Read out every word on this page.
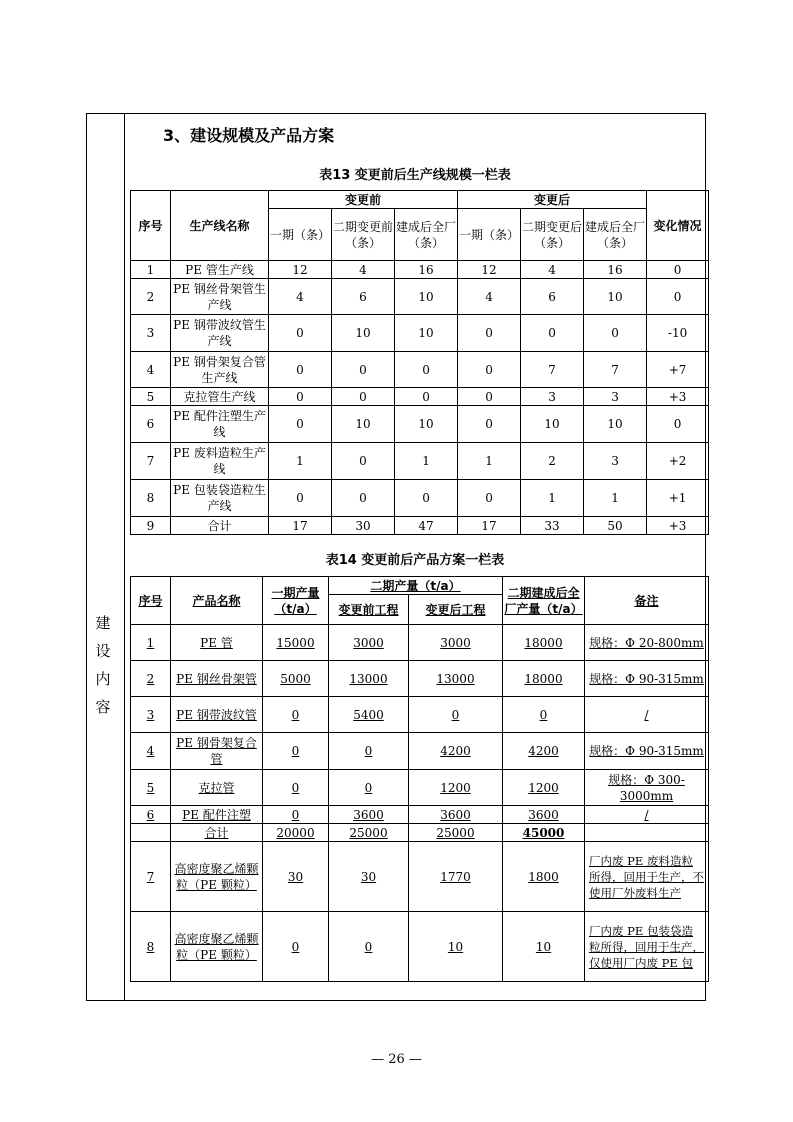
建
设
内
容
3、建设规模及产品方案
表13 变更前后生产线规模一栏表
序号	生产线名称	变更前			变更后			变化情况
		一期（条）	二期变更前（条）	建成后全厂（条）	一期（条）	二期变更后（条）	建成后全厂（条）	
1	PE 管生产线	12	4	16	12	4	16	0
2	PE 钢丝骨架管生产线	4	6	10	4	6	10	0
3	PE 钢带波纹管生产线	0	10	10	0	0	0	-10
4	PE 钢骨架复合管生产线	0	0	0	0	7	7	+7
5	克拉管生产线	0	0	0	0	3	3	+3
6	PE 配件注塑生产线	0	10	10	0	10	10	0
7	PE 废料造粒生产线	1	0	1	1	2	3	+2
8	PE 包装袋造粒生产线	0	0	0	0	1	1	+1
9	合计	17	30	47	17	33	50	+3
表14 变更前后产品方案一栏表
序号	产品名称	一期产量（t/a）	二期产量（t/a）		二期建成后全厂产量（t/a）	备注
			变更前工程	变更后工程		
1	PE 管	15000	3000	3000	18000	规格：Φ 20-800mm
2	PE 钢丝骨架管	5000	13000	13000	18000	规格：Φ 90-315mm
3	PE 钢带波纹管	0	5400	0	0	/
4	PE 钢骨架复合管	0	0	4200	4200	规格：Φ 90-315mm
5	克拉管	0	0	1200	1200	规格：Φ 300-3000mm
6	PE 配件注塑	0	3600	3600	3600	/
	合计	20000	25000	25000	45000	
7	高密度聚乙烯颗粒（PE 颗粒）	30	30	1770	1800	厂内废 PE 废料造粒所得，回用于生产，不使用厂外废料生产
8	高密度聚乙烯颗粒（PE 颗粒）	0	0	10	10	厂内废 PE 包装袋造粒所得，回用于生产，仅使用厂内废 PE 包
— 26 —
